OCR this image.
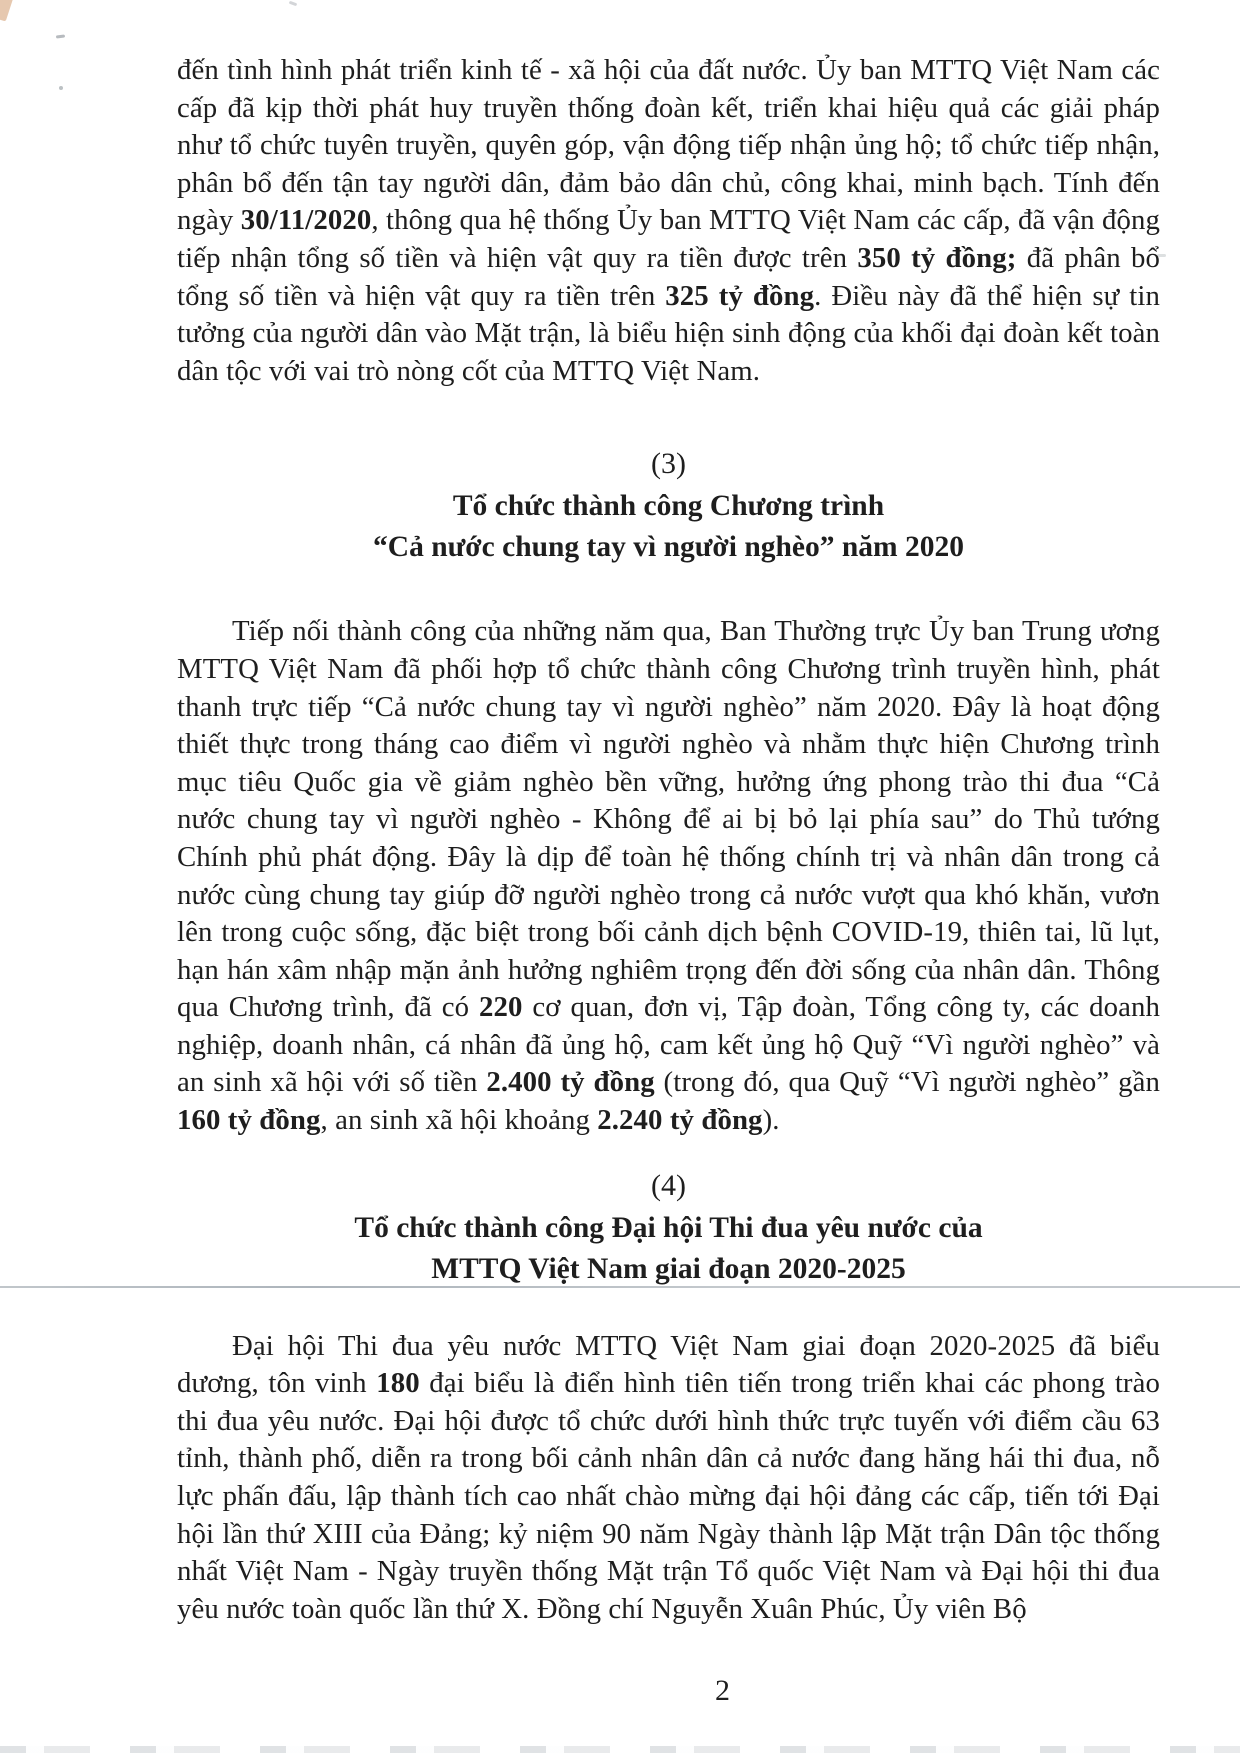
đến tình hình phát triển kinh tế - xã hội của đất nước. Ủy ban MTTQ Việt Nam các cấp đã kịp thời phát huy truyền thống đoàn kết, triển khai hiệu quả các giải pháp như tổ chức tuyên truyền, quyên góp, vận động tiếp nhận ủng hộ; tổ chức tiếp nhận, phân bổ đến tận tay người dân, đảm bảo dân chủ, công khai, minh bạch. Tính đến ngày 30/11/2020, thông qua hệ thống Ủy ban MTTQ Việt Nam các cấp, đã vận động tiếp nhận tổng số tiền và hiện vật quy ra tiền được trên 350 tỷ đồng; đã phân bổ tổng số tiền và hiện vật quy ra tiền trên 325 tỷ đồng. Điều này đã thể hiện sự tin tưởng của người dân vào Mặt trận, là biểu hiện sinh động của khối đại đoàn kết toàn dân tộc với vai trò nòng cốt của MTTQ Việt Nam.

(3)
Tổ chức thành công Chương trình
“Cả nước chung tay vì người nghèo” năm 2020

Tiếp nối thành công của những năm qua, Ban Thường trực Ủy ban Trung ương MTTQ Việt Nam đã phối hợp tổ chức thành công Chương trình truyền hình, phát thanh trực tiếp “Cả nước chung tay vì người nghèo” năm 2020. Đây là hoạt động thiết thực trong tháng cao điểm vì người nghèo và nhằm thực hiện Chương trình mục tiêu Quốc gia về giảm nghèo bền vững, hưởng ứng phong trào thi đua “Cả nước chung tay vì người nghèo - Không để ai bị bỏ lại phía sau” do Thủ tướng Chính phủ phát động. Đây là dịp để toàn hệ thống chính trị và nhân dân trong cả nước cùng chung tay giúp đỡ người nghèo trong cả nước vượt qua khó khăn, vươn lên trong cuộc sống, đặc biệt trong bối cảnh dịch bệnh COVID-19, thiên tai, lũ lụt, hạn hán xâm nhập mặn ảnh hưởng nghiêm trọng đến đời sống của nhân dân. Thông qua Chương trình, đã có 220 cơ quan, đơn vị, Tập đoàn, Tổng công ty, các doanh nghiệp, doanh nhân, cá nhân đã ủng hộ, cam kết ủng hộ Quỹ “Vì người nghèo” và an sinh xã hội với số tiền 2.400 tỷ đồng (trong đó, qua Quỹ “Vì người nghèo” gần 160 tỷ đồng, an sinh xã hội khoảng 2.240 tỷ đồng).

(4)
Tổ chức thành công Đại hội Thi đua yêu nước của
MTTQ Việt Nam giai đoạn 2020-2025

Đại hội Thi đua yêu nước MTTQ Việt Nam giai đoạn 2020-2025 đã biểu dương, tôn vinh 180 đại biểu là điển hình tiên tiến trong triển khai các phong trào thi đua yêu nước. Đại hội được tổ chức dưới hình thức trực tuyến với điểm cầu 63 tỉnh, thành phố, diễn ra trong bối cảnh nhân dân cả nước đang hăng hái thi đua, nỗ lực phấn đấu, lập thành tích cao nhất chào mừng đại hội đảng các cấp, tiến tới Đại hội lần thứ XIII của Đảng; kỷ niệm 90 năm Ngày thành lập Mặt trận Dân tộc thống nhất Việt Nam - Ngày truyền thống Mặt trận Tổ quốc Việt Nam và Đại hội thi đua yêu nước toàn quốc lần thứ X. Đồng chí Nguyễn Xuân Phúc, Ủy viên Bộ

2
